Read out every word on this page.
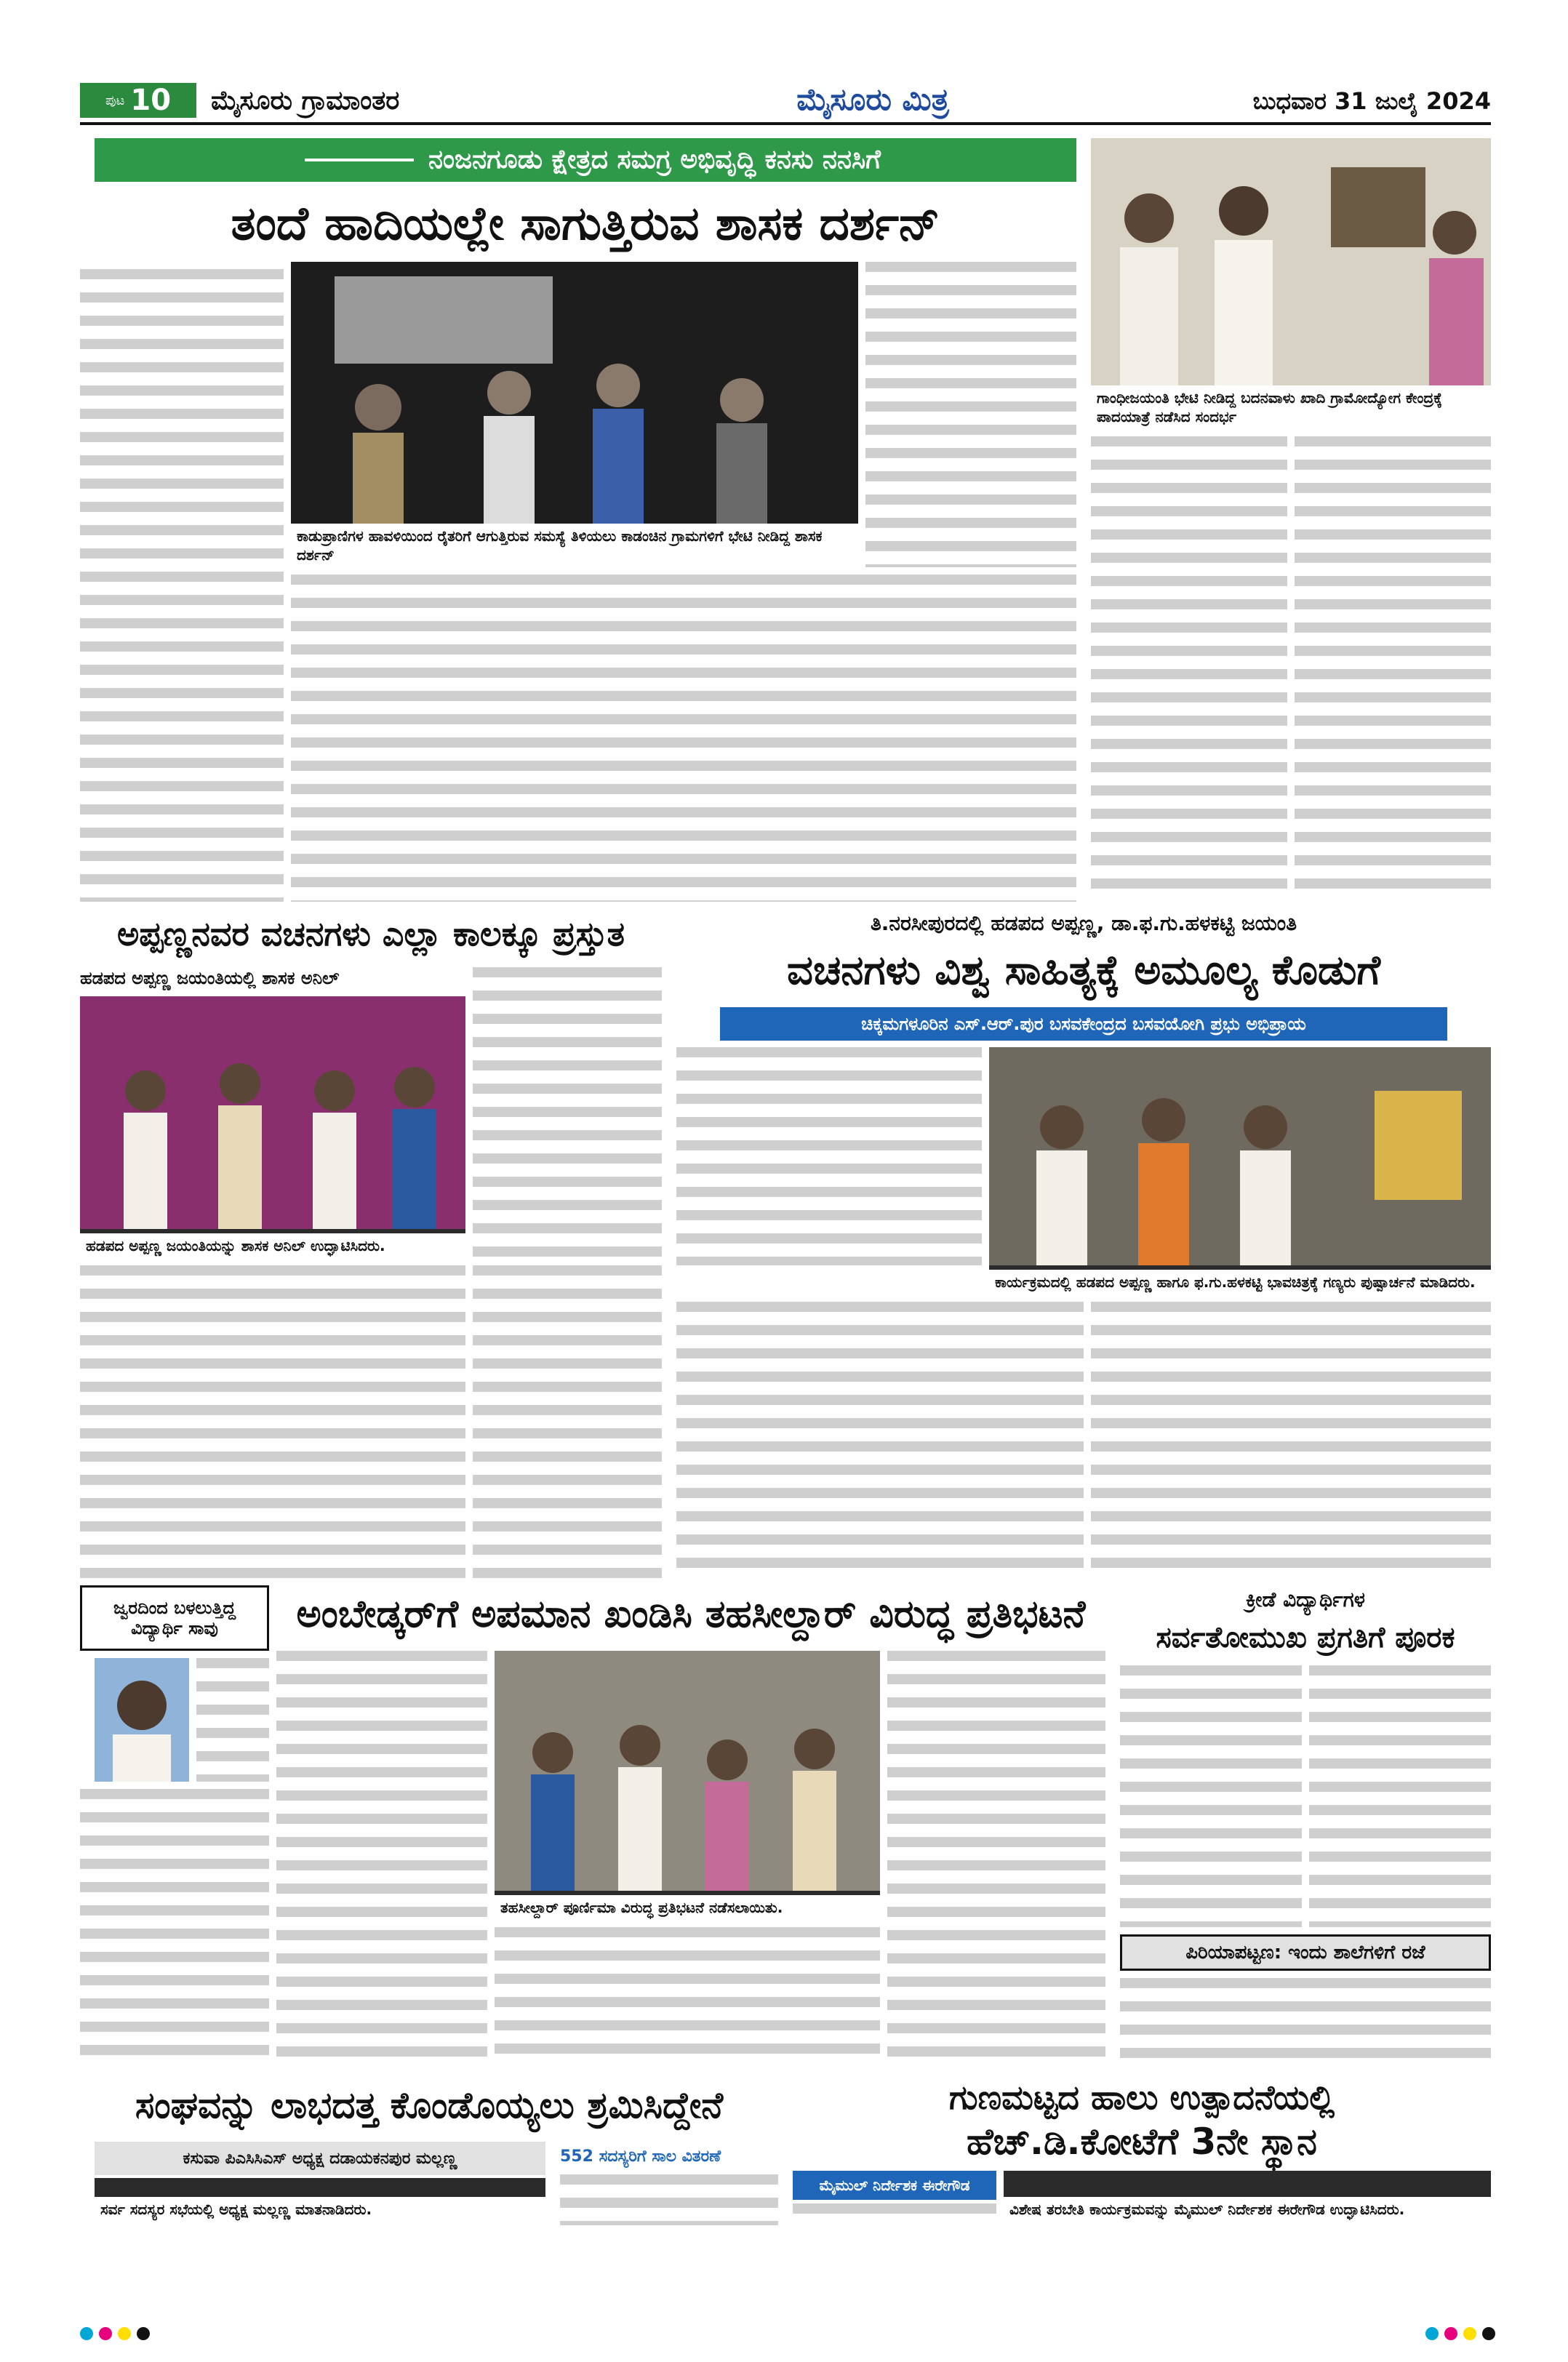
ಪುಟ 10 ಮೈಸೂರು ಗ್ರಾಮಾಂತರ	ಮೈಸೂರು ಮಿತ್ರ	ಬುಧವಾರ 31 ಜುಲೈ 2024
ನಂಜನಗೂಡು ಕ್ಷೇತ್ರದ ಸಮಗ್ರ ಅಭಿವೃದ್ಧಿ ಕನಸು ನನಸಿಗೆ
ತಂದೆ ಹಾದಿಯಲ್ಲೇ ಸಾಗುತ್ತಿರುವ ಶಾಸಕ ದರ್ಶನ್
ಗಾಂಧೀಜಯಂತಿ ಭೇಟಿ ನೀಡಿದ್ದ ಬದನವಾಳು ಖಾದಿ ಗ್ರಾಮೋದ್ಯೋಗ ಕೇಂದ್ರಕ್ಕೆ ಪಾದಯಾತ್ರೆ ನಡೆಸಿದ ಸಂದರ್ಭ
ಕಾಡುಪ್ರಾಣಿಗಳ ಹಾವಳಿಯಿಂದ ರೈತರಿಗೆ ಆಗುತ್ತಿರುವ ಸಮಸ್ಯೆ ತಿಳಿಯಲು ಕಾಡಂಚಿನ ಗ್ರಾಮಗಳಿಗೆ ಭೇಟಿ ನೀಡಿದ್ದ ಶಾಸಕ ದರ್ಶನ್
ಅಪ್ಪಣ್ಣನವರ ವಚನಗಳು ಎಲ್ಲಾ ಕಾಲಕ್ಕೂ ಪ್ರಸ್ತುತ
ಹಡಪದ ಅಪ್ಪಣ್ಣ ಜಯಂತಿಯಲ್ಲಿ ಶಾಸಕ ಅನಿಲ್
ಹಡಪದ ಅಪ್ಪಣ್ಣ ಜಯಂತಿಯನ್ನು ಶಾಸಕ ಅನಿಲ್ ಉದ್ಘಾಟಿಸಿದರು.
ತಿ.ನರಸೀಪುರದಲ್ಲಿ ಹಡಪದ ಅಪ್ಪಣ್ಣ, ಡಾ.ಫ.ಗು.ಹಳಕಟ್ಟಿ ಜಯಂತಿ
ವಚನಗಳು ವಿಶ್ವ ಸಾಹಿತ್ಯಕ್ಕೆ ಅಮೂಲ್ಯ ಕೊಡುಗೆ
ಚಿಕ್ಕಮಗಳೂರಿನ ಎಸ್.ಆರ್.ಪುರ ಬಸವಕೇಂದ್ರದ ಬಸವಯೋಗಿ ಪ್ರಭು ಅಭಿಪ್ರಾಯ
ಕಾರ್ಯಕ್ರಮದಲ್ಲಿ ಹಡಪದ ಅಪ್ಪಣ್ಣ ಹಾಗೂ ಫ.ಗು.ಹಳಕಟ್ಟಿ ಭಾವಚಿತ್ರಕ್ಕೆ ಗಣ್ಯರು ಪುಷ್ಪಾರ್ಚನೆ ಮಾಡಿದರು.
ಜ್ವರದಿಂದ ಬಳಲುತ್ತಿದ್ದ ವಿದ್ಯಾರ್ಥಿ ಸಾವು	ಅಂಬೇಡ್ಕರ್‌ಗೆ ಅಪಮಾನ ಖಂಡಿಸಿ ತಹಸೀಲ್ದಾರ್ ವಿರುದ್ಧ ಪ್ರತಿಭಟನೆ
ತಹಸೀಲ್ದಾರ್ ಪೂರ್ಣಿಮಾ ವಿರುದ್ಧ ಪ್ರತಿಭಟನೆ ನಡೆಸಲಾಯಿತು.
ಕ್ರೀಡೆ ವಿದ್ಯಾರ್ಥಿಗಳ
ಸರ್ವತೋಮುಖ ಪ್ರಗತಿಗೆ ಪೂರಕ
ಪಿರಿಯಾಪಟ್ಟಣ: ಇಂದು ಶಾಲೆಗಳಿಗೆ ರಜೆ
ಸಂಘವನ್ನು ಲಾಭದತ್ತ ಕೊಂಡೊಯ್ಯಲು ಶ್ರಮಿಸಿದ್ದೇನೆ
ಕಸುವಾ ಪಿಎಸಿಸಿಎಸ್ ಅಧ್ಯಕ್ಷ ದಡಾಯಕನಪುರ ಮಲ್ಲಣ್ಣ
ಸರ್ವ ಸದಸ್ಯರ ಸಭೆಯಲ್ಲಿ ಅಧ್ಯಕ್ಷ ಮಲ್ಲಣ್ಣ ಮಾತನಾಡಿದರು.
552 ಸದಸ್ಯರಿಗೆ ಸಾಲ ವಿತರಣೆ
ಗುಣಮಟ್ಟದ ಹಾಲು ಉತ್ಪಾದನೆಯಲ್ಲಿ
ಹೆಚ್.ಡಿ.ಕೋಟೆಗೆ 3ನೇ ಸ್ಥಾನ
ಮೈಮುಲ್ ನಿರ್ದೇಶಕ ಈರೇಗೌಡ
ವಿಶೇಷ ತರಬೇತಿ ಕಾರ್ಯಕ್ರಮವನ್ನು ಮೈಮುಲ್ ನಿರ್ದೇಶಕ ಈರೇಗೌಡ ಉದ್ಘಾಟಿಸಿದರು.
